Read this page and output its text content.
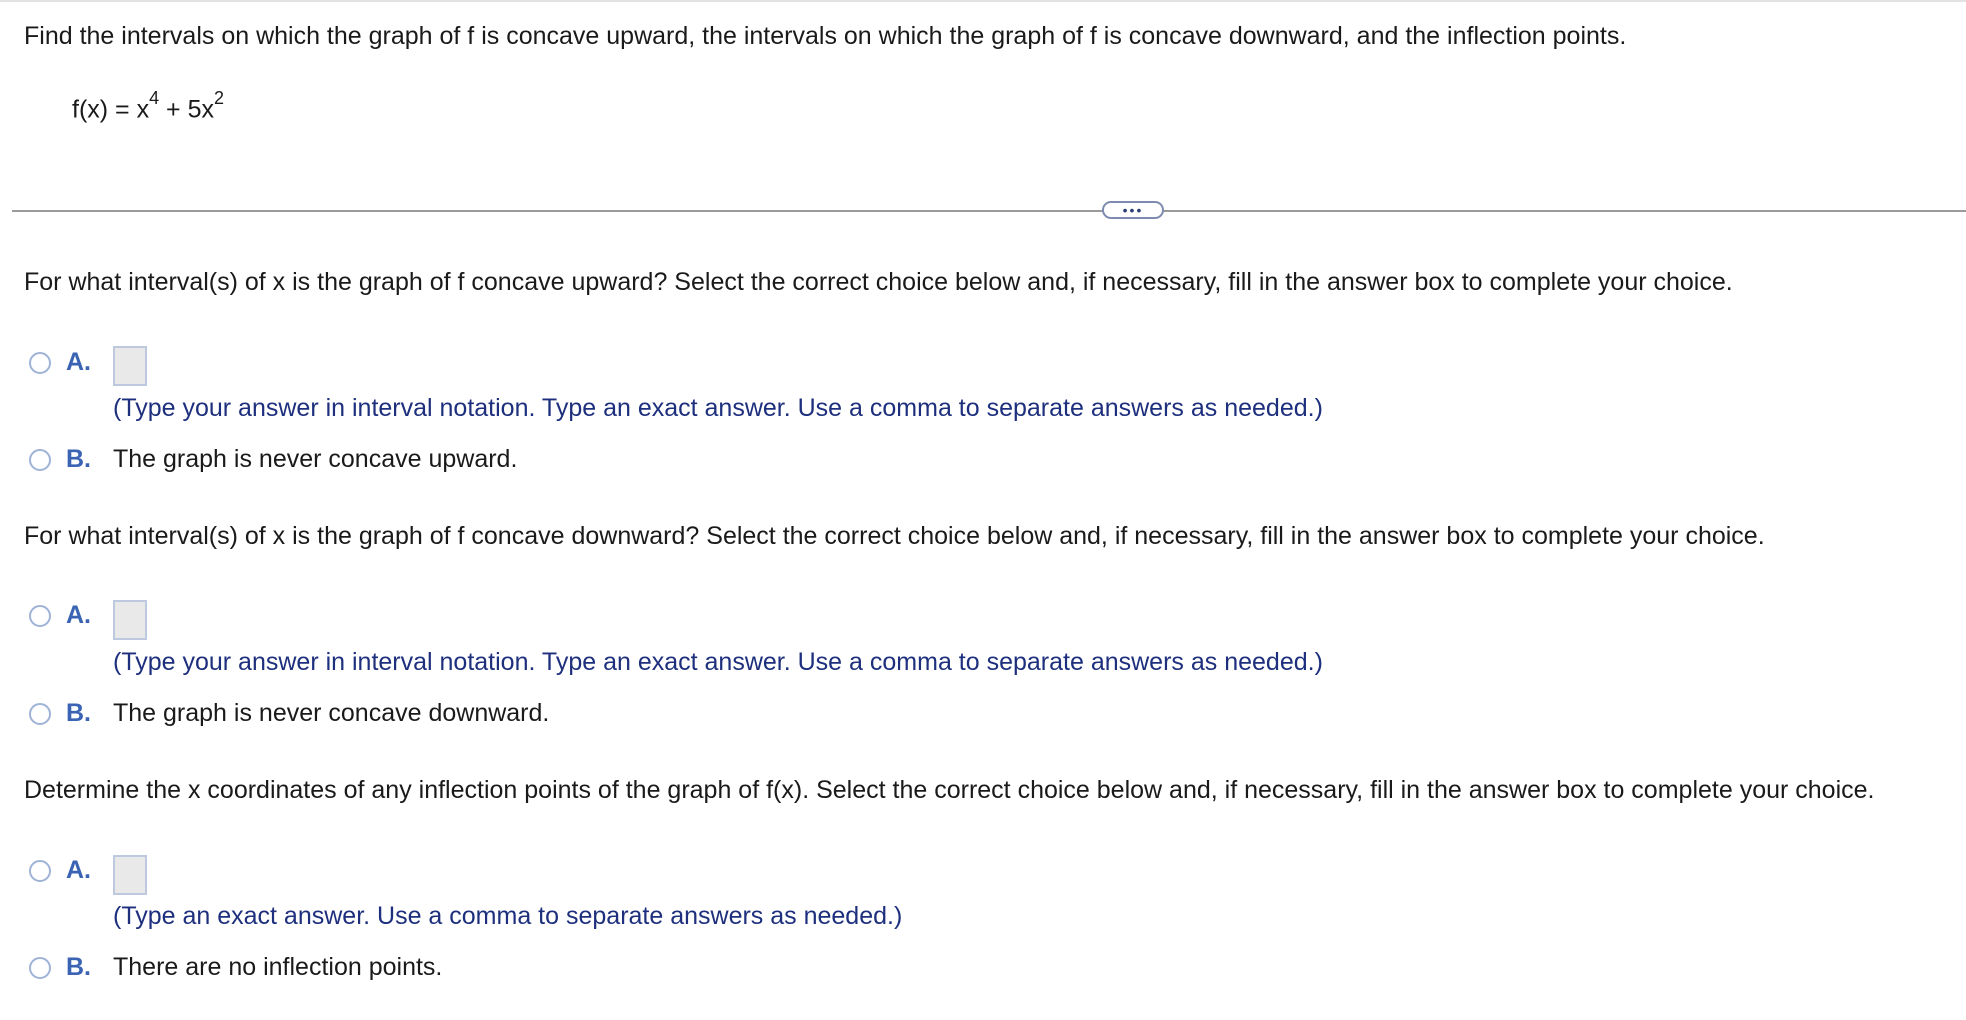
Find the intervals on which the graph of f is concave upward, the intervals on which the graph of f is concave downward, and the inflection points.
$f(x) = x^4 + 5x^2$
•••
For what interval(s) of x is the graph of f concave upward? Select the correct choice below and, if necessary, fill in the answer box to complete your choice.
A.
(Type your answer in interval notation. Type an exact answer. Use a comma to separate answers as needed.)
B. The graph is never concave upward.
For what interval(s) of x is the graph of f concave downward? Select the correct choice below and, if necessary, fill in the answer box to complete your choice.
A.
(Type your answer in interval notation. Type an exact answer. Use a comma to separate answers as needed.)
B. The graph is never concave downward.
Determine the x coordinates of any inflection points of the graph of f(x). Select the correct choice below and, if necessary, fill in the answer box to complete your choice.
A.
(Type an exact answer. Use a comma to separate answers as needed.)
B. There are no inflection points.
